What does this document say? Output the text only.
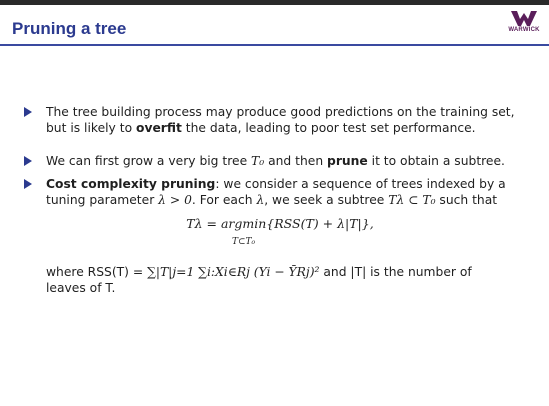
Pruning a tree	WARWICK
The tree building process may produce good predictions on the training set,
but is likely to overfit the data, leading to poor test set performance.
We can first grow a very big tree T₀ and then prune it to obtain a subtree.
Cost complexity pruning: we consider a sequence of trees indexed by a
tuning parameter λ > 0. For each λ, we seek a subtree Tλ ⊂ T₀ such that
Tλ = argmin{RSS(T) + λ|T|},
T⊂T₀
where RSS(T) = ∑|T|j=1 ∑i:Xi∈Rj (Yi − ȲRj)² and |T| is the number of
leaves of T.
